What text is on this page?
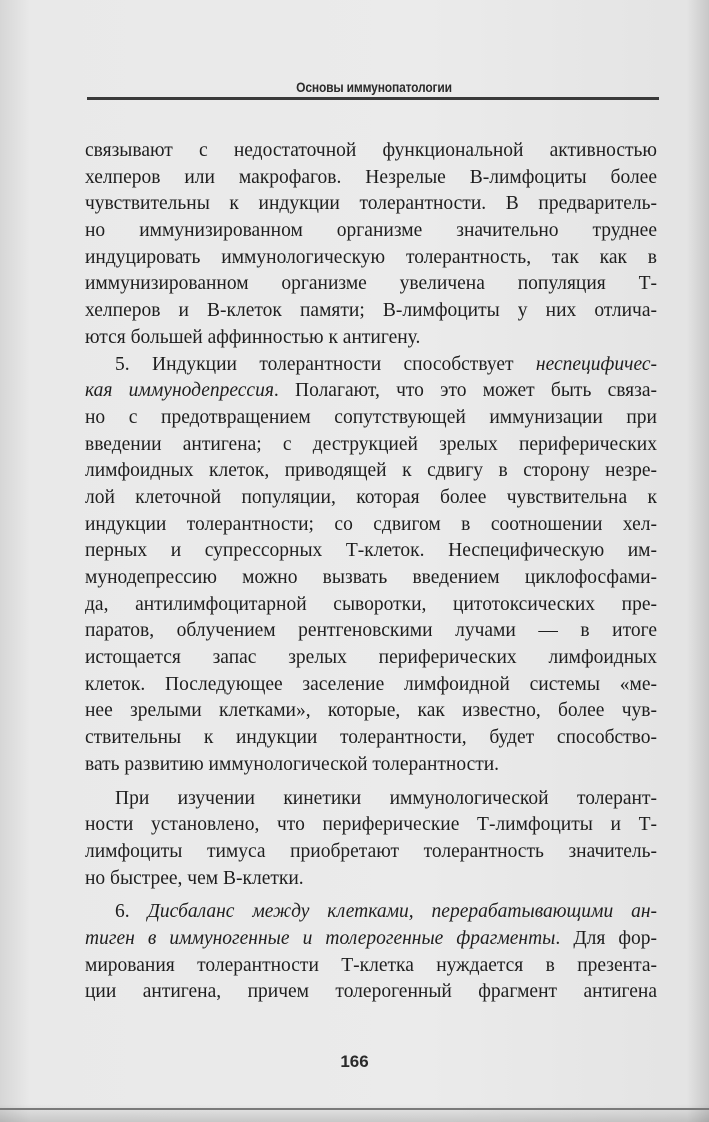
Основы иммунопатологии
связывают с недостаточной функциональной активностью
хелперов или макрофагов. Незрелые В-лимфоциты более
чувствительны к индукции толерантности. В предваритель-
но иммунизированном организме значительно труднее
индуцировать иммунологическую толерантность, так как в
иммунизированном организме увеличена популяция Т-
хелперов и В-клеток памяти; В-лимфоциты у них отлича-
ются большей аффинностью к антигену.
5. Индукции толерантности способствует неспецифичес-
кая иммунодепрессия. Полагают, что это может быть связа-
но с предотвращением сопутствующей иммунизации при
введении антигена; с деструкцией зрелых периферических
лимфоидных клеток, приводящей к сдвигу в сторону незре-
лой клеточной популяции, которая более чувствительна к
индукции толерантности; со сдвигом в соотношении хел-
перных и супрессорных Т-клеток. Неспецифическую им-
мунодепрессию можно вызвать введением циклофосфами-
да, антилимфоцитарной сыворотки, цитотоксических пре-
паратов, облучением рентгеновскими лучами — в итоге
истощается запас зрелых периферических лимфоидных
клеток. Последующее заселение лимфоидной системы «ме-
нее зрелыми клетками», которые, как известно, более чув-
ствительны к индукции толерантности, будет способство-
вать развитию иммунологической толерантности.
При изучении кинетики иммунологической толерант-
ности установлено, что периферические Т-лимфоциты и Т-
лимфоциты тимуса приобретают толерантность значитель-
но быстрее, чем В-клетки.
6. Дисбаланс между клетками, перерабатывающими ан-
тиген в иммуногенные и толерогенные фрагменты. Для фор-
мирования толерантности Т-клетка нуждается в презента-
ции антигена, причем толерогенный фрагмент антигена
166
